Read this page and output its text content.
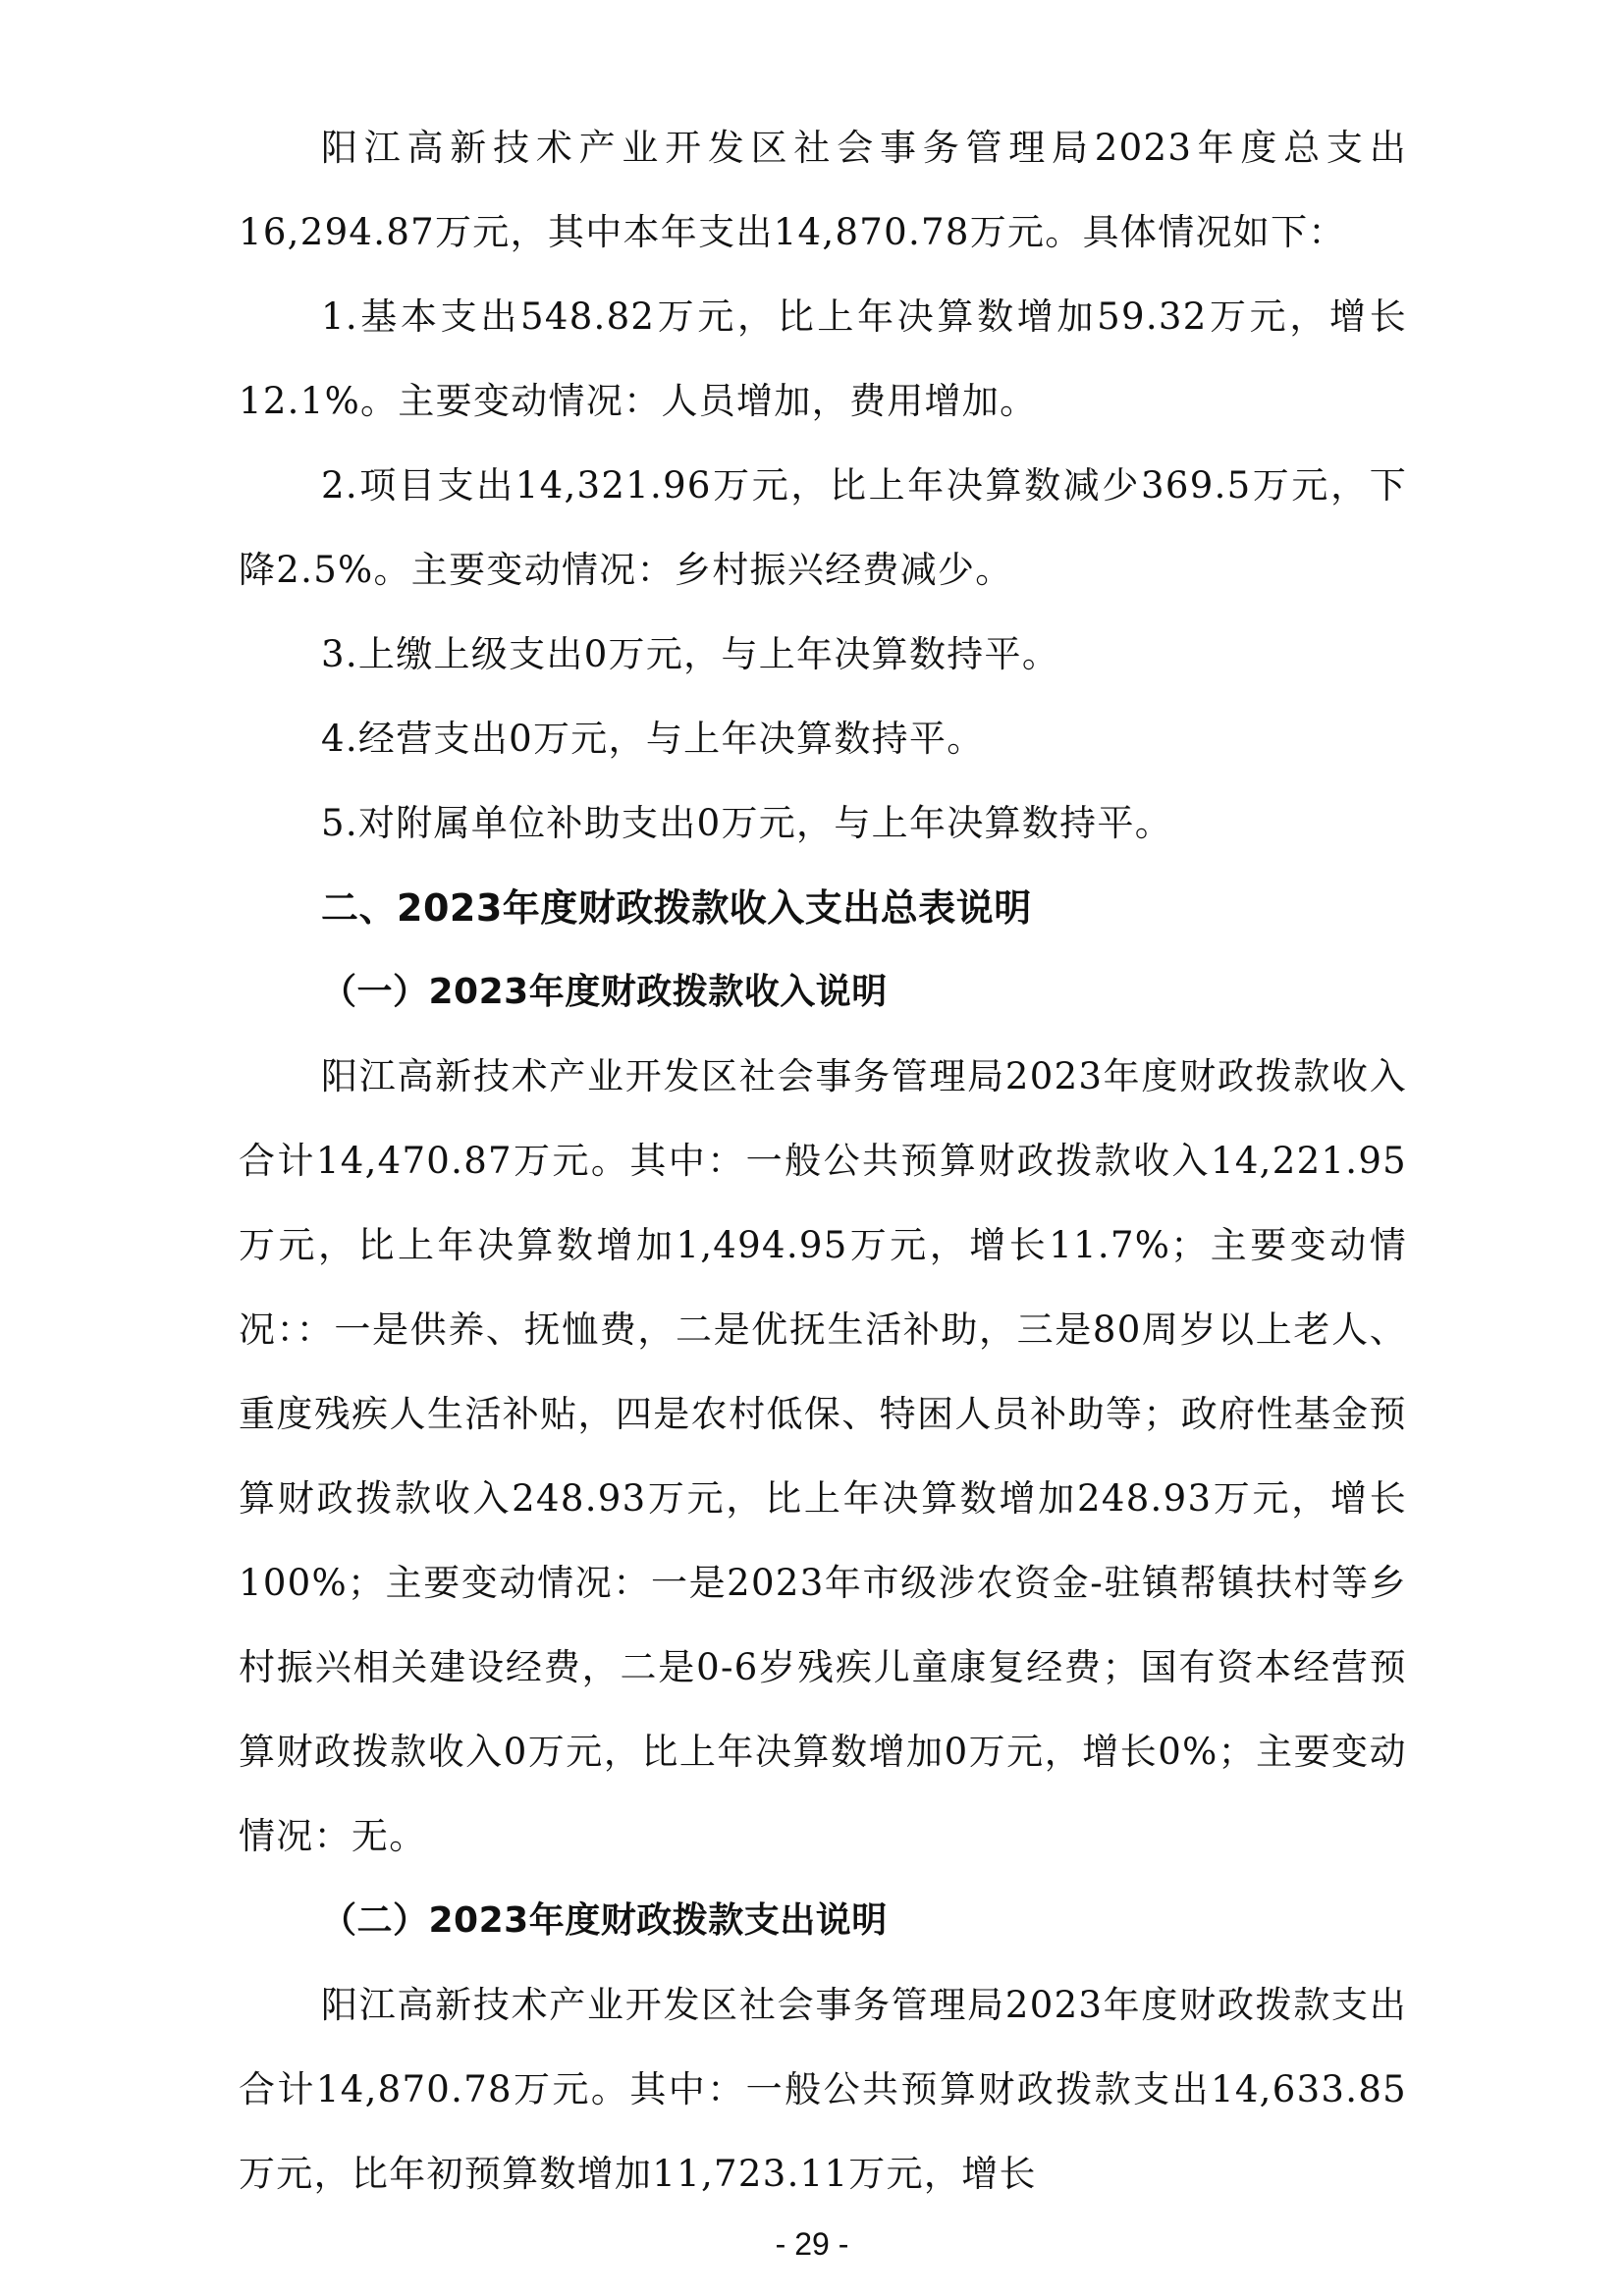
阳江高新技术产业开发区社会事务管理局2023年度总支出16,294.87万元，其中本年支出14,870.78万元。具体情况如下：

1.基本支出548.82万元，比上年决算数增加59.32万元，增长12.1%。主要变动情况：人员增加，费用增加。

2.项目支出14,321.96万元，比上年决算数减少369.5万元，下降2.5%。主要变动情况：乡村振兴经费减少。

3.上缴上级支出0万元，与上年决算数持平。

4.经营支出0万元，与上年决算数持平。

5.对附属单位补助支出0万元，与上年决算数持平。

二、2023年度财政拨款收入支出总表说明
（一）2023年度财政拨款收入说明

阳江高新技术产业开发区社会事务管理局2023年度财政拨款收入合计14,470.87万元。其中：一般公共预算财政拨款收入14,221.95万元，比上年决算数增加1,494.95万元，增长11.7%；主要变动情况：：一是供养、抚恤费，二是优抚生活补助，三是80周岁以上老人、重度残疾人生活补贴，四是农村低保、特困人员补助等；政府性基金预算财政拨款收入248.93万元，比上年决算数增加248.93万元，增长100%；主要变动情况：一是2023年市级涉农资金-驻镇帮镇扶村等乡村振兴相关建设经费，二是0-6岁残疾儿童康复经费；国有资本经营预算财政拨款收入0万元，比上年决算数增加0万元，增长0%；主要变动情况：无。

（二）2023年度财政拨款支出说明

阳江高新技术产业开发区社会事务管理局2023年度财政拨款支出合计14,870.78万元。其中：一般公共预算财政拨款支出14,633.85万元，比年初预算数增加11,723.11万元，增长

- 29 -
